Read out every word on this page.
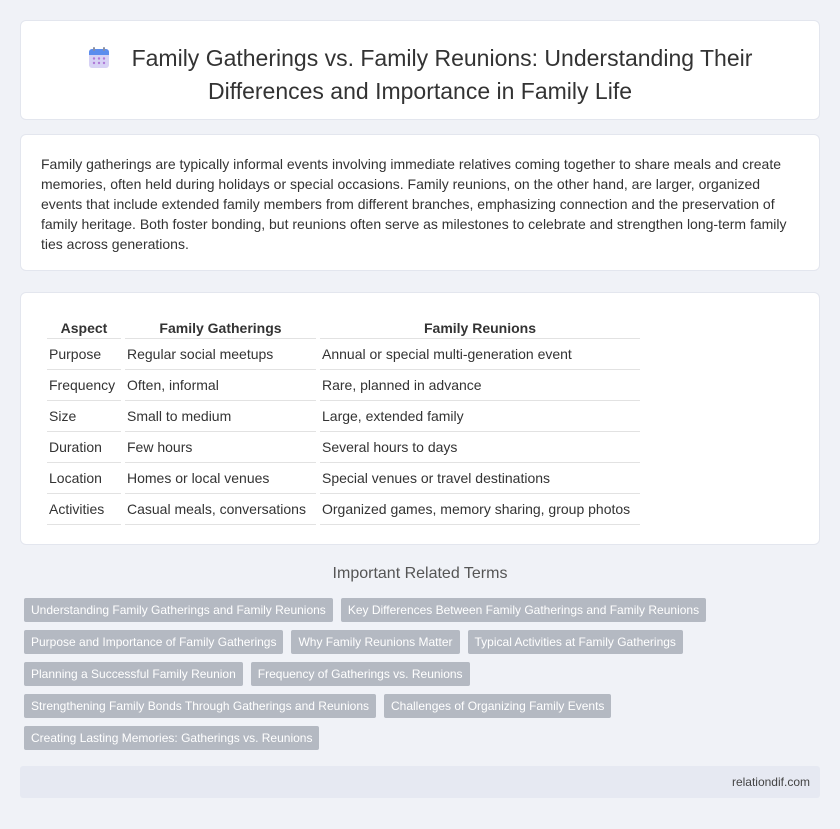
Family Gatherings vs. Family Reunions: Understanding Their
Differences and Importance in Family Life

Family gatherings are typically informal events involving immediate relatives coming together to share meals and create memories, often held during holidays or special occasions. Family reunions, on the other hand, are larger, organized events that include extended family members from different branches, emphasizing connection and the preservation of family heritage. Both foster bonding, but reunions often serve as milestones to celebrate and strengthen long-term family ties across generations.

Aspect	Family Gatherings	Family Reunions
Purpose	Regular social meetups	Annual or special multi-generation event
Frequency	Often, informal	Rare, planned in advance
Size	Small to medium	Large, extended family
Duration	Few hours	Several hours to days
Location	Homes or local venues	Special venues or travel destinations
Activities	Casual meals, conversations	Organized games, memory sharing, group photos
Important Related Terms
Understanding Family Gatherings and Family Reunions	Key Differences Between Family Gatherings and Family Reunions
Purpose and Importance of Family Gatherings	Why Family Reunions Matter	Typical Activities at Family Gatherings
Planning a Successful Family Reunion	Frequency of Gatherings vs. Reunions
Strengthening Family Bonds Through Gatherings and Reunions	Challenges of Organizing Family Events
Creating Lasting Memories: Gatherings vs. Reunions
relationdif.com
